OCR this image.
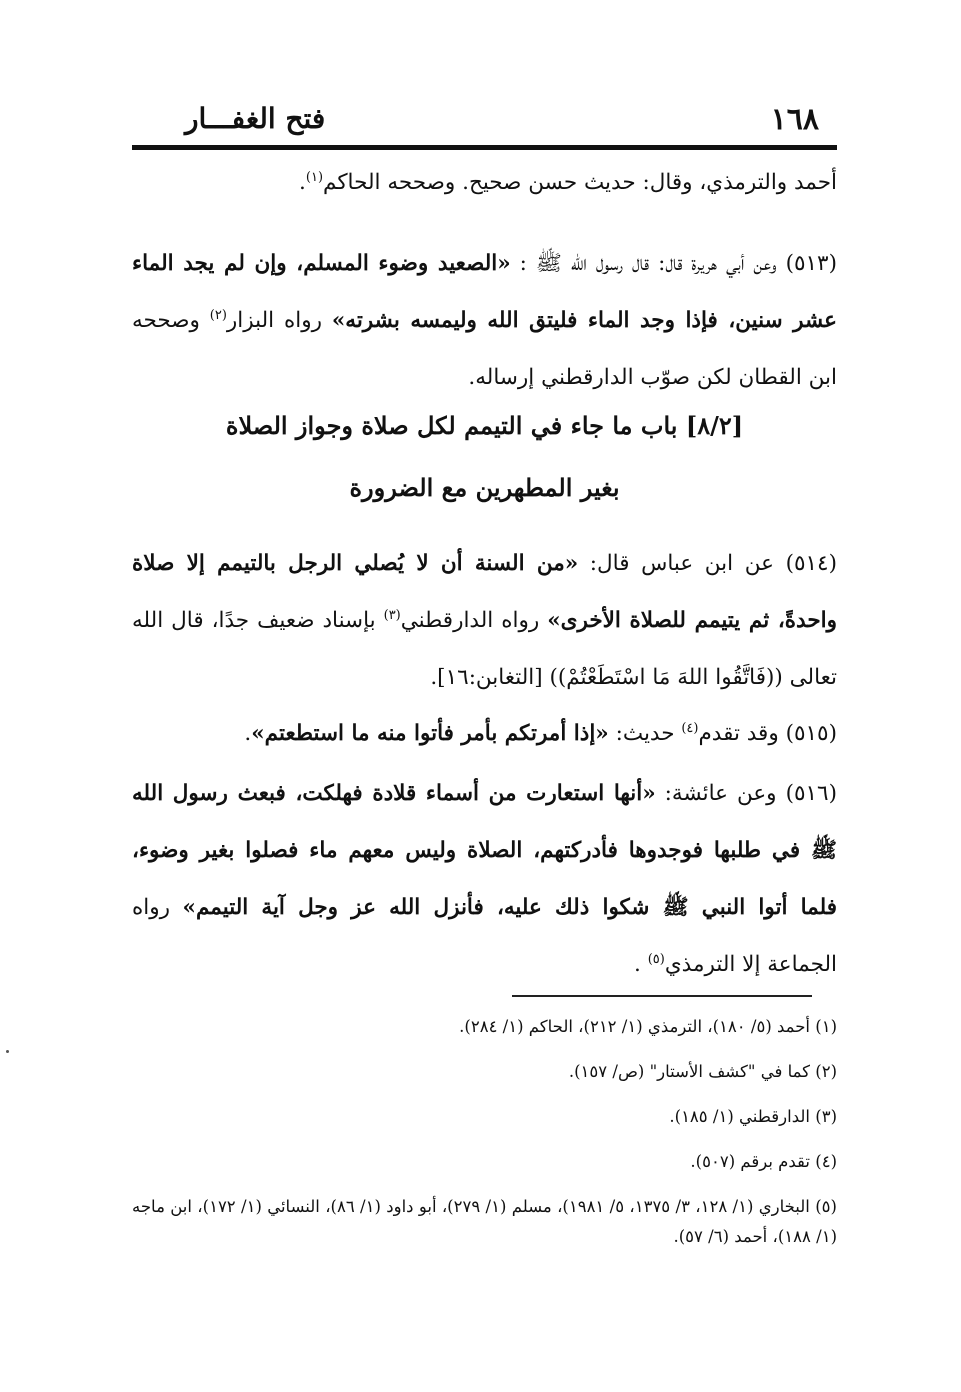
١٦٨
فتح الغفـــار

أحمد والترمذي، وقال: حديث حسن صحيح. وصححه الحاكم$^{(١)}$.

(٥١٣) وعن أبي هريرة قال: قال رسول الله ﷺ : «الصعيد وضوء المسلم، وإن لم يجد الماء عشر سنين، فإذا وجد الماء فليتق الله وليمسه بشرته» رواه البزار$^{(٢)}$ وصححه ابن القطان لكن صوّب الدارقطني إرساله.

[٨/٢] باب ما جاء في التيمم لكل صلاة وجواز الصلاة
بغير المطهرين مع الضرورة

(٥١٤) عن ابن عباس قال: «من السنة أن لا يُصلي الرجل بالتيمم إلا صلاة واحدةً، ثم يتيمم للصلاة الأخرى» رواه الدارقطني$^{(٣)}$ بإسناد ضعيف جدًا، قال الله تعالى ((فَاتَّقُوا اللهَ مَا اسْتَطَعْتُمْ)) [التغابن:١٦].

(٥١٥) وقد تقدم$^{(٤)}$ حديث: «إذا أمرتكم بأمر فأتوا منه ما استطعتم».

(٥١٦) وعن عائشة: «أنها استعارت من أسماء قلادة فهلكت، فبعث رسول الله ﷺ في طلبها فوجدوها فأدركتهم، الصلاة وليس معهم ماء فصلوا بغير وضوء، فلما أتوا النبي ﷺ شكوا ذلك عليه، فأنزل الله عز وجل آية التيمم» رواه الجماعة إلا الترمذي$^{(٥)}$ .

(١) أحمد (٥/ ١٨٠)، الترمذي (١/ ٢١٢)، الحاكم (١/ ٢٨٤).

(٢) كما في "كشف الأستار" (ص/ ١٥٧).

(٣) الدارقطني (١/ ١٨٥).

(٤) تقدم برقم (٥٠٧).

(٥) البخاري (١/ ١٢٨، ٣/ ١٣٧٥، ٥/ ١٩٨١)، مسلم (١/ ٢٧٩)، أبو داود (١/ ٨٦)، النسائي (١/ ١٧٢)، ابن ماجه (١/ ١٨٨)، أحمد (٦/ ٥٧).
